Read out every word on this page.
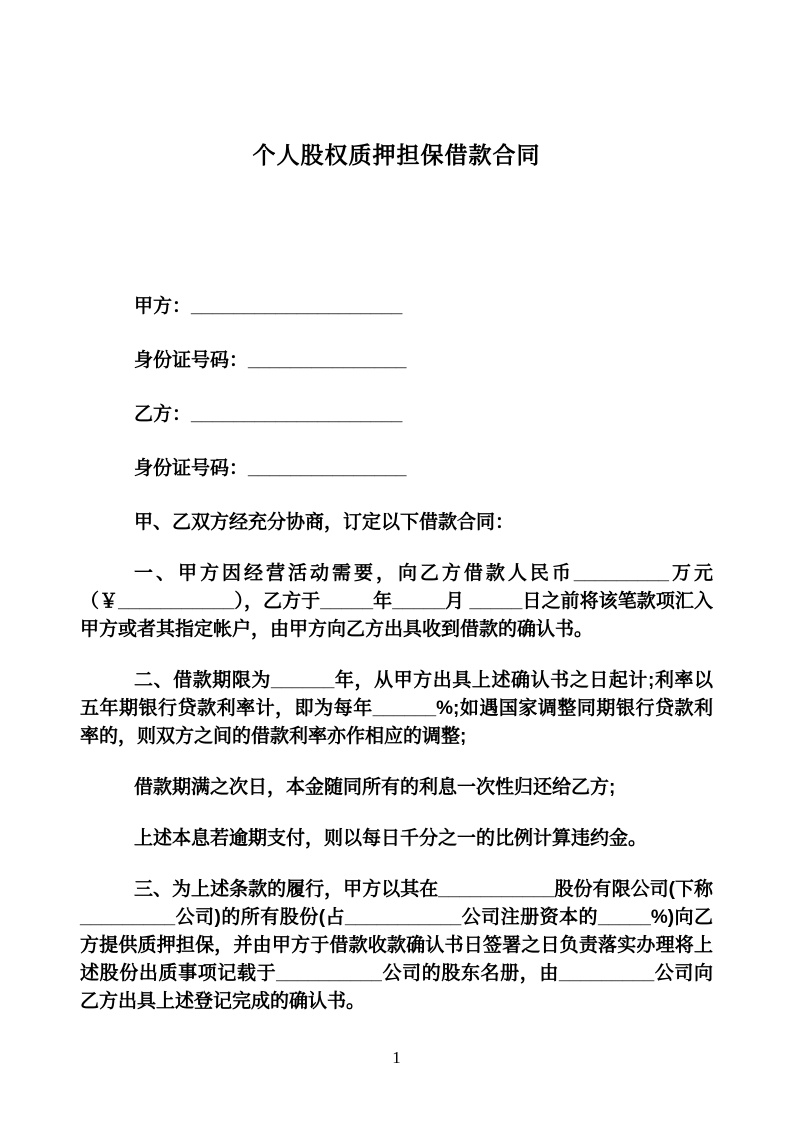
个人股权质押担保借款合同

甲方：____________________

身份证号码：_______________

乙方：____________________

身份证号码：_______________

甲、乙双方经充分协商，订定以下借款合同：

一、甲方因经营活动需要，向乙方借款人民币_________万元（￥___________），乙方于_____年_____月 _____日之前将该笔款项汇入甲方或者其指定帐户，由甲方向乙方出具收到借款的确认书。

二、借款期限为______年，从甲方出具上述确认书之日起计;利率以五年期银行贷款利率计，即为每年______%;如遇国家调整同期银行贷款利率的，则双方之间的借款利率亦作相应的调整;

借款期满之次日，本金随同所有的利息一次性归还给乙方;

上述本息若逾期支付，则以每日千分之一的比例计算违约金。

三、为上述条款的履行，甲方以其在___________股份有限公司(下称_________公司)的所有股份(占___________公司注册资本的_____%)向乙方提供质押担保，并由甲方于借款收款确认书日签署之日负责落实办理将上述股份出质事项记载于__________公司的股东名册，由_________公司向乙方出具上述登记完成的确认书。

1
